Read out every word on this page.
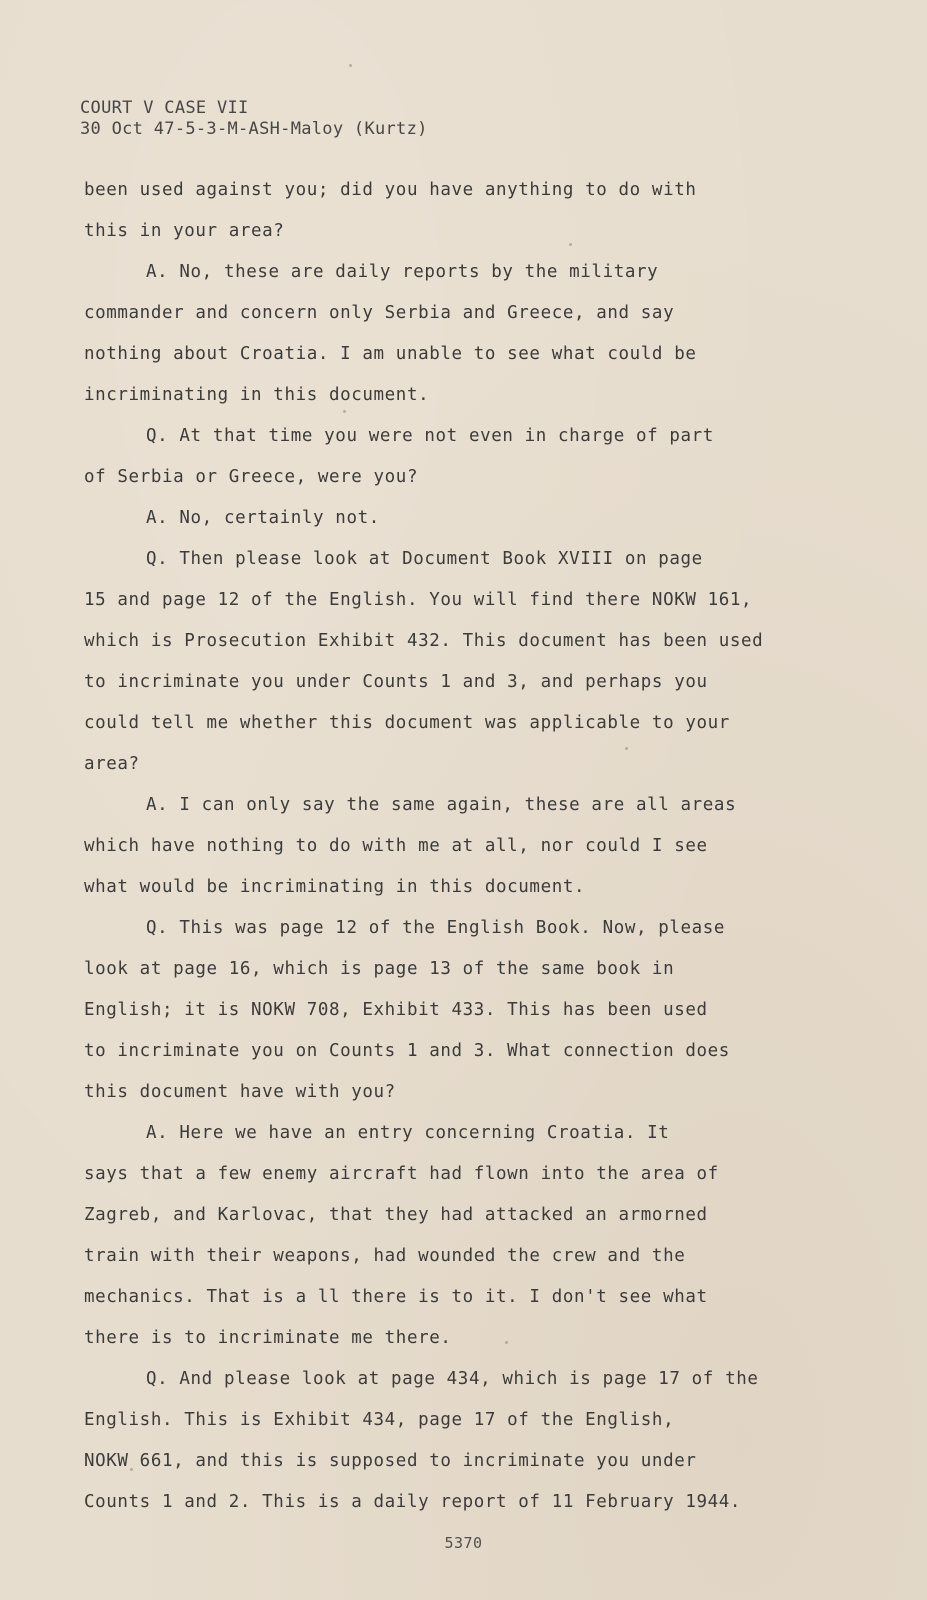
COURT V CASE VII
30 Oct 47-5-3-M-ASH-Maloy (Kurtz)
been used against you; did you have anything to do with
this in your area?
A. No, these are daily reports by the military
commander and concern only Serbia and Greece, and say
nothing about Croatia. I am unable to see what could be
incriminating in this document.
Q. At that time you were not even in charge of part
of Serbia or Greece, were you?
A. No, certainly not.
Q. Then please look at Document Book XVIII on page
15 and page 12 of the English. You will find there NOKW 161,
which is Prosecution Exhibit 432. This document has been used
to incriminate you under Counts 1 and 3, and perhaps you
could tell me whether this document was applicable to your
area?
A. I can only say the same again, these are all areas
which have nothing to do with me at all, nor could I see
what would be incriminating in this document.
Q. This was page 12 of the English Book. Now, please
look at page 16, which is page 13 of the same book in
English; it is NOKW 708, Exhibit 433. This has been used
to incriminate you on Counts 1 and 3. What connection does
this document have with you?
A. Here we have an entry concerning Croatia. It
says that a few enemy aircraft had flown into the area of
Zagreb, and Karlovac, that they had attacked an armorned
train with their weapons, had wounded the crew and the
mechanics. That is a ll there is to it. I don't see what
there is to incriminate me there.
Q. And please look at page 434, which is page 17 of the
English. This is Exhibit 434, page 17 of the English,
NOKW 661, and this is supposed to incriminate you under
Counts 1 and 2. This is a daily report of 11 February 1944.
5370
